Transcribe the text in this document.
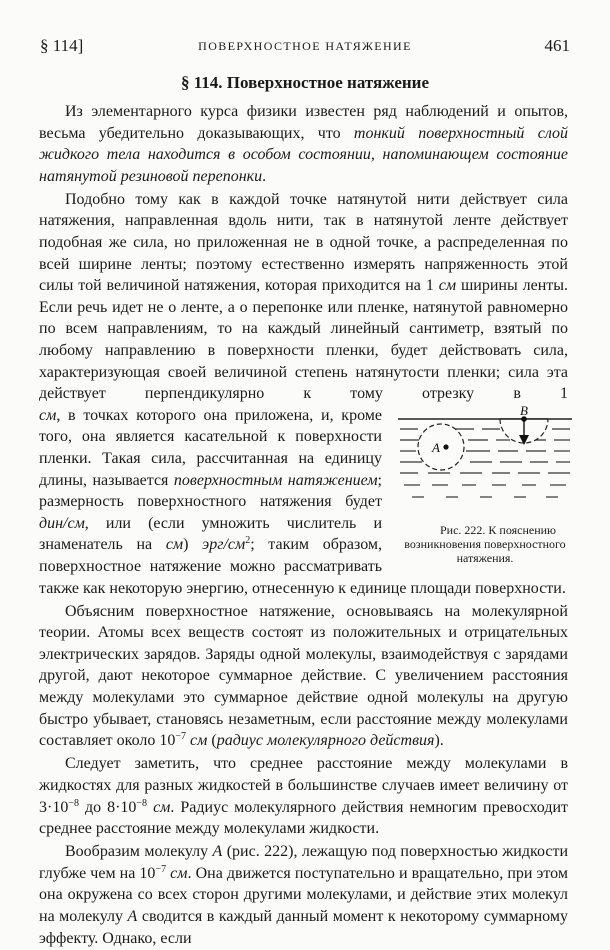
§ 114]	ПОВЕРХНОСТНОЕ НАТЯЖЕНИЕ	461
§ 114. Поверхностное натяжение

Из элементарного курса физики известен ряд наблюдений и опытов, весьма убедительно доказывающих, что тонкий поверхностный слой жидкого тела находится в особом состоянии, напоминающем состояние натянутой резиновой перепонки.

Подобно тому как в каждой точке натянутой нити действует сила натяжения, направленная вдоль нити, так в натянутой ленте действует подобная же сила, но приложенная не в одной точке, а распределенная по всей ширине ленты; поэтому естественно измерять напряженность этой силы той величиной натяжения, которая приходится на 1 см ширины ленты. Если речь идет не о ленте, а о перепонке или пленке, натянутой равномерно по всем направлениям, то на каждый линейный сантиметр, взятый по любому направлению в поверхности пленки, будет действовать сила, характеризующая своей величиной степень натянутости пленки; сила эта действует перпендикулярно к тому отрезку в 1 см
A
B
Рис. 222. К пояснению возникновения поверхностного натяжения.
, в точках которого она приложена, и, кроме того, она является касательной к поверхности пленки. Такая сила, рассчитанная на единицу длины, называется поверхностным натяжением; размерность поверхностного натяжения будет дин/см, или (если умножить числитель и знаменатель на см) эрг/$см^2$; таким образом, поверхностное натяжение можно рассматривать также как некоторую энергию, отнесенную к единице площади поверхности.

Объясним поверхностное натяжение, основываясь на молекулярной теории. Атомы всех веществ состоят из положительных и отрицательных электрических зарядов. Заряды одной молекулы, взаимодействуя с зарядами другой, дают некоторое суммарное действие. С увеличением расстояния между молекулами это суммарное действие одной молекулы на другую быстро убывает, становясь незаметным, если расстояние между молекулами составляет около $10^{-7}$ см (радиус молекулярного действия).

Следует заметить, что среднее расстояние между молекулами в жидкостях для разных жидкостей в большинстве случаев имеет величину от $3\cdot 10^{-8}$ до $8\cdot 10^{-8}$ см. Радиус молекулярного действия немногим превосходит среднее расстояние между молекулами жидкости.

Вообразим молекулу A (рис. 222), лежащую под поверхностью жидкости глубже чем на $10^{-7}$ см. Она движется поступательно и вращательно, при этом она окружена со всех сторон другими молекулами, и действие этих молекул на молекулу A сводится в каждый данный момент к некоторому суммарному эффекту. Однако, если
